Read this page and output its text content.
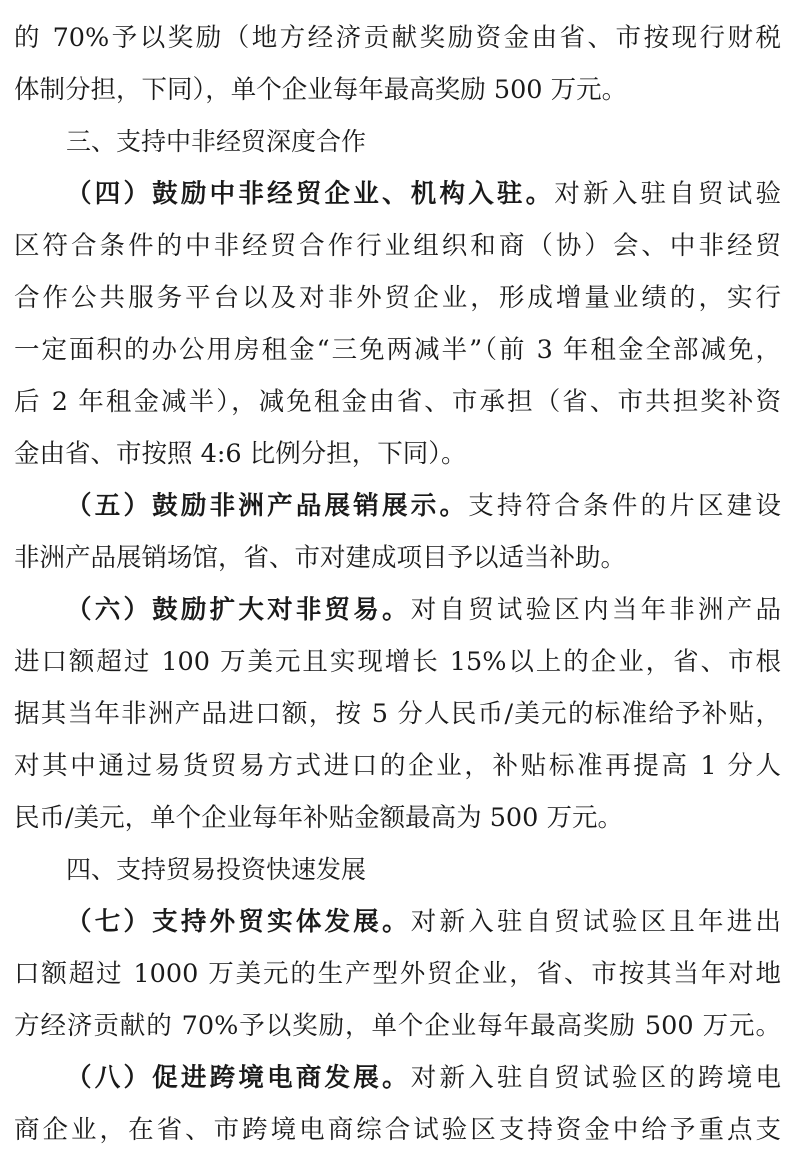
的 70%予以奖励（地方经济贡献奖励资金由省、市按现行财税
体制分担，下同），单个企业每年最高奖励 500 万元。
三、支持中非经贸深度合作
（四）鼓励中非经贸企业、机构入驻。对新入驻自贸试验
区符合条件的中非经贸合作行业组织和商（协）会、中非经贸
合作公共服务平台以及对非外贸企业，形成增量业绩的，实行
一定面积的办公用房租金“三免两减半”（前 3 年租金全部减免，
后 2 年租金减半），减免租金由省、市承担（省、市共担奖补资
金由省、市按照 4:6 比例分担，下同）。
（五）鼓励非洲产品展销展示。支持符合条件的片区建设
非洲产品展销场馆，省、市对建成项目予以适当补助。
（六）鼓励扩大对非贸易。对自贸试验区内当年非洲产品
进口额超过 100 万美元且实现增长 15%以上的企业，省、市根
据其当年非洲产品进口额，按 5 分人民币/美元的标准给予补贴，
对其中通过易货贸易方式进口的企业，补贴标准再提高 1 分人
民币/美元，单个企业每年补贴金额最高为 500 万元。
四、支持贸易投资快速发展
（七）支持外贸实体发展。对新入驻自贸试验区且年进出
口额超过 1000 万美元的生产型外贸企业，省、市按其当年对地
方经济贡献的 70%予以奖励，单个企业每年最高奖励 500 万元。
（八）促进跨境电商发展。对新入驻自贸试验区的跨境电
商企业，在省、市跨境电商综合试验区支持资金中给予重点支
